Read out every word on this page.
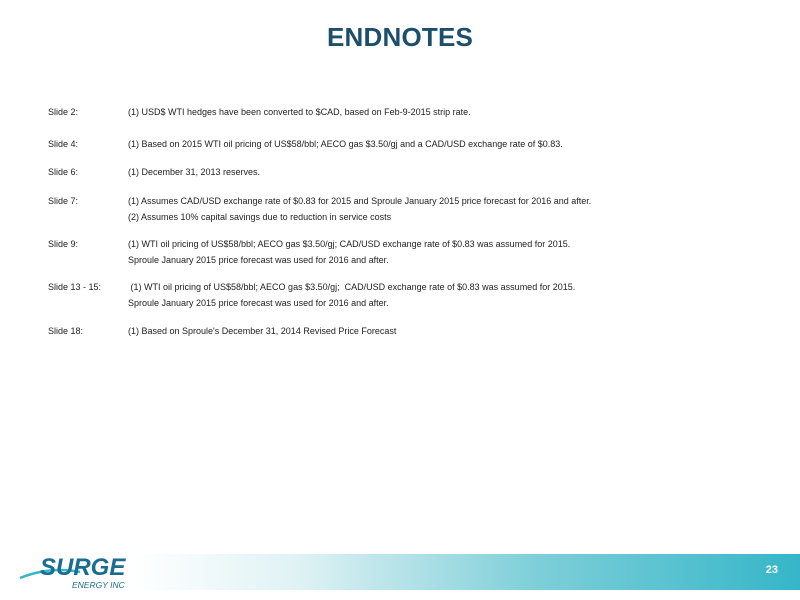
ENDNOTES
Slide 2:	(1) USD$ WTI hedges have been converted to $CAD, based on Feb-9-2015 strip rate.
Slide 4:	(1) Based on 2015 WTI oil pricing of US$58/bbl; AECO gas $3.50/gj and a CAD/USD exchange rate of $0.83.
Slide 6:	(1) December 31, 2013 reserves.
Slide 7:	(1) Assumes CAD/USD exchange rate of $0.83 for 2015 and Sproule January 2015 price forecast for 2016 and after.
(2) Assumes 10% capital savings due to reduction in service costs
Slide 9:	(1) WTI oil pricing of US$58/bbl; AECO gas $3.50/gj; CAD/USD exchange rate of $0.83 was assumed for 2015.
Sproule January 2015 price forecast was used for 2016 and after.
Slide 13 - 15:	(1) WTI oil pricing of US$58/bbl; AECO gas $3.50/gj;  CAD/USD exchange rate of $0.83 was assumed for 2015.
Sproule January 2015 price forecast was used for 2016 and after.
Slide 18:	(1) Based on Sproule's December 31, 2014 Revised Price Forecast
23
SURGE
ENERGY INC
